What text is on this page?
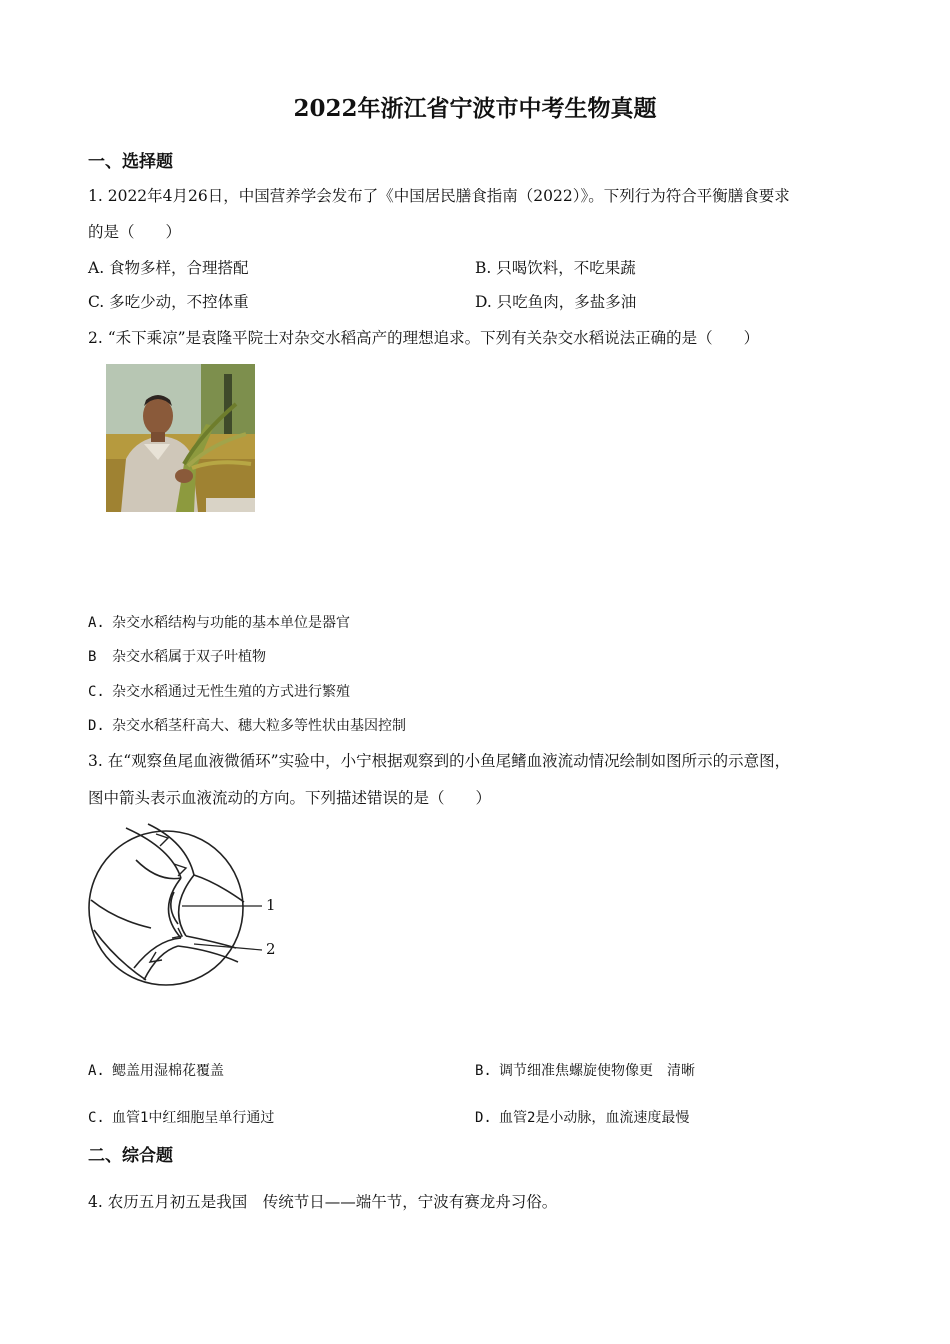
2022年浙江省宁波市中考生物真题
一、选择题
1. 2022年4月26日，中国营养学会发布了《中国居民膳食指南（2022）》。下列行为符合平衡膳食要求
的是（　　）
A. 食物多样，合理搭配	B. 只喝饮料，不吃果蔬
C. 多吃少动，不控体重	D. 只吃鱼肉，多盐多油
2. “禾下乘凉”是袁隆平院士对杂交水稻高产的理想追求。下列有关杂交水稻说法正确的是（　　）
A. 杂交水稻结构与功能的基本单位是器官
B 杂交水稻属于双子叶植物
C. 杂交水稻通过无性生殖的方式进行繁殖
D. 杂交水稻茎秆高大、穗大粒多等性状由基因控制
3. 在“观察鱼尾血液微循环”实验中，小宁根据观察到的小鱼尾鳍血液流动情况绘制如图所示的示意图，
图中箭头表示血液流动的方向。下列描述错误的是（　　）
1
2
A. 鳃盖用湿棉花覆盖	B. 调节细准焦螺旋使物像更　清晰
C. 血管1中红细胞呈单行通过	D. 血管2是小动脉，血流速度最慢
二、综合题
4. 农历五月初五是我国　传统节日——端午节，宁波有赛龙舟习俗。
